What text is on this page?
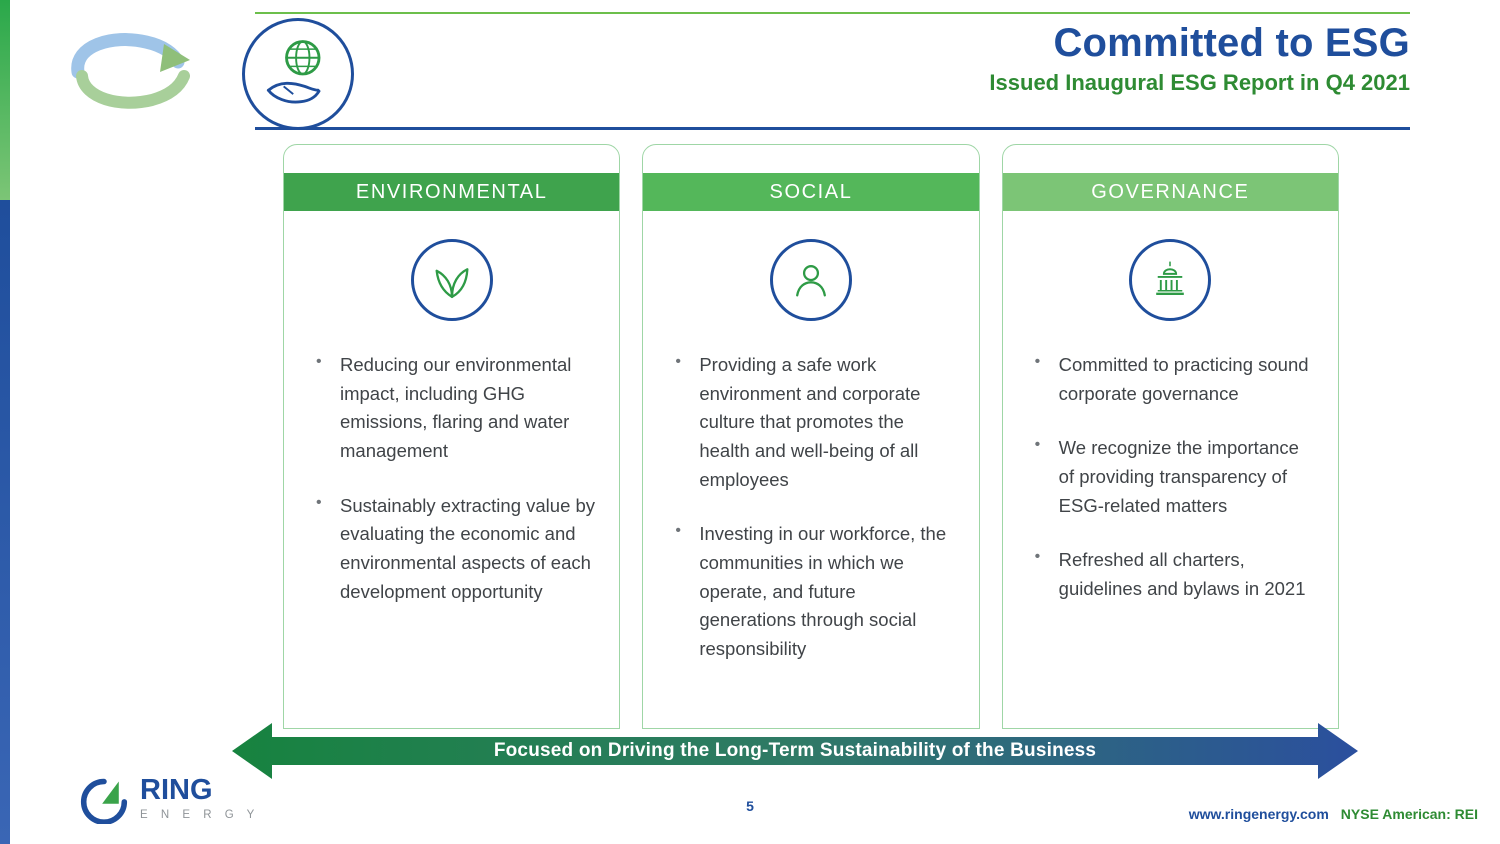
Committed to ESG
Issued Inaugural ESG Report in Q4 2021
ENVIRONMENTAL
• Reducing our environmental impact, including GHG emissions, flaring and water management
• Sustainably extracting value by evaluating the economic and environmental aspects of each development opportunity
SOCIAL
• Providing a safe work environment and corporate culture that promotes the health and well-being of all employees
• Investing in our workforce, the communities in which we operate, and future generations through social responsibility
GOVERNANCE
• Committed to practicing sound corporate governance
• We recognize the importance of providing transparency of ESG-related matters
• Refreshed all charters, guidelines and bylaws in 2021
Focused on Driving the Long-Term Sustainability of the Business
RING
E N E R G Y
5	www.ringenergy.com NYSE American: REI
